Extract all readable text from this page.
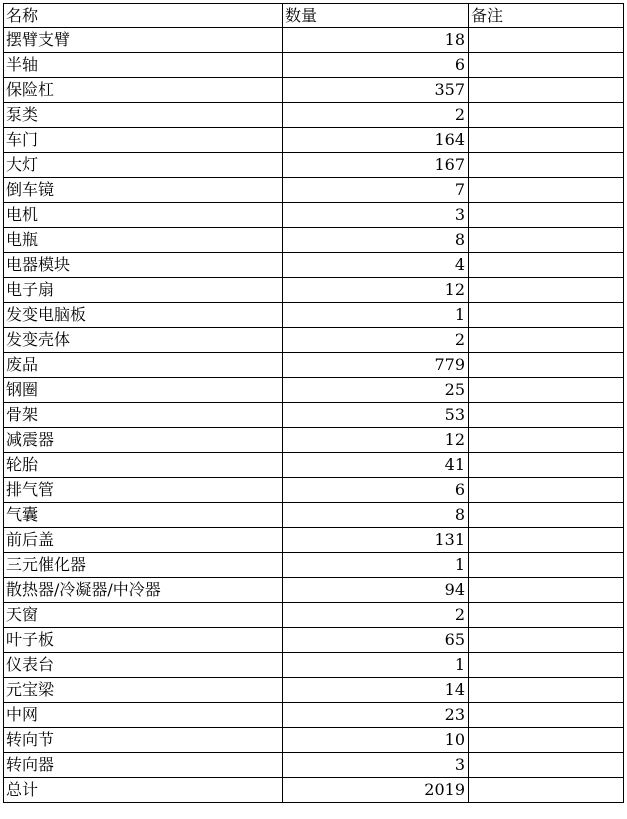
名称	数量	备注
摆臂支臂	18	
半轴	6	
保险杠	357	
泵类	2	
车门	164	
大灯	167	
倒车镜	7	
电机	3	
电瓶	8	
电器模块	4	
电子扇	12	
发变电脑板	1	
发变壳体	2	
废品	779	
钢圈	25	
骨架	53	
减震器	12	
轮胎	41	
排气管	6	
气囊	8	
前后盖	131	
三元催化器	1	
散热器/冷凝器/中冷器	94	
天窗	2	
叶子板	65	
仪表台	1	
元宝梁	14	
中网	23	
转向节	10	
转向器	3	
总计	2019	
